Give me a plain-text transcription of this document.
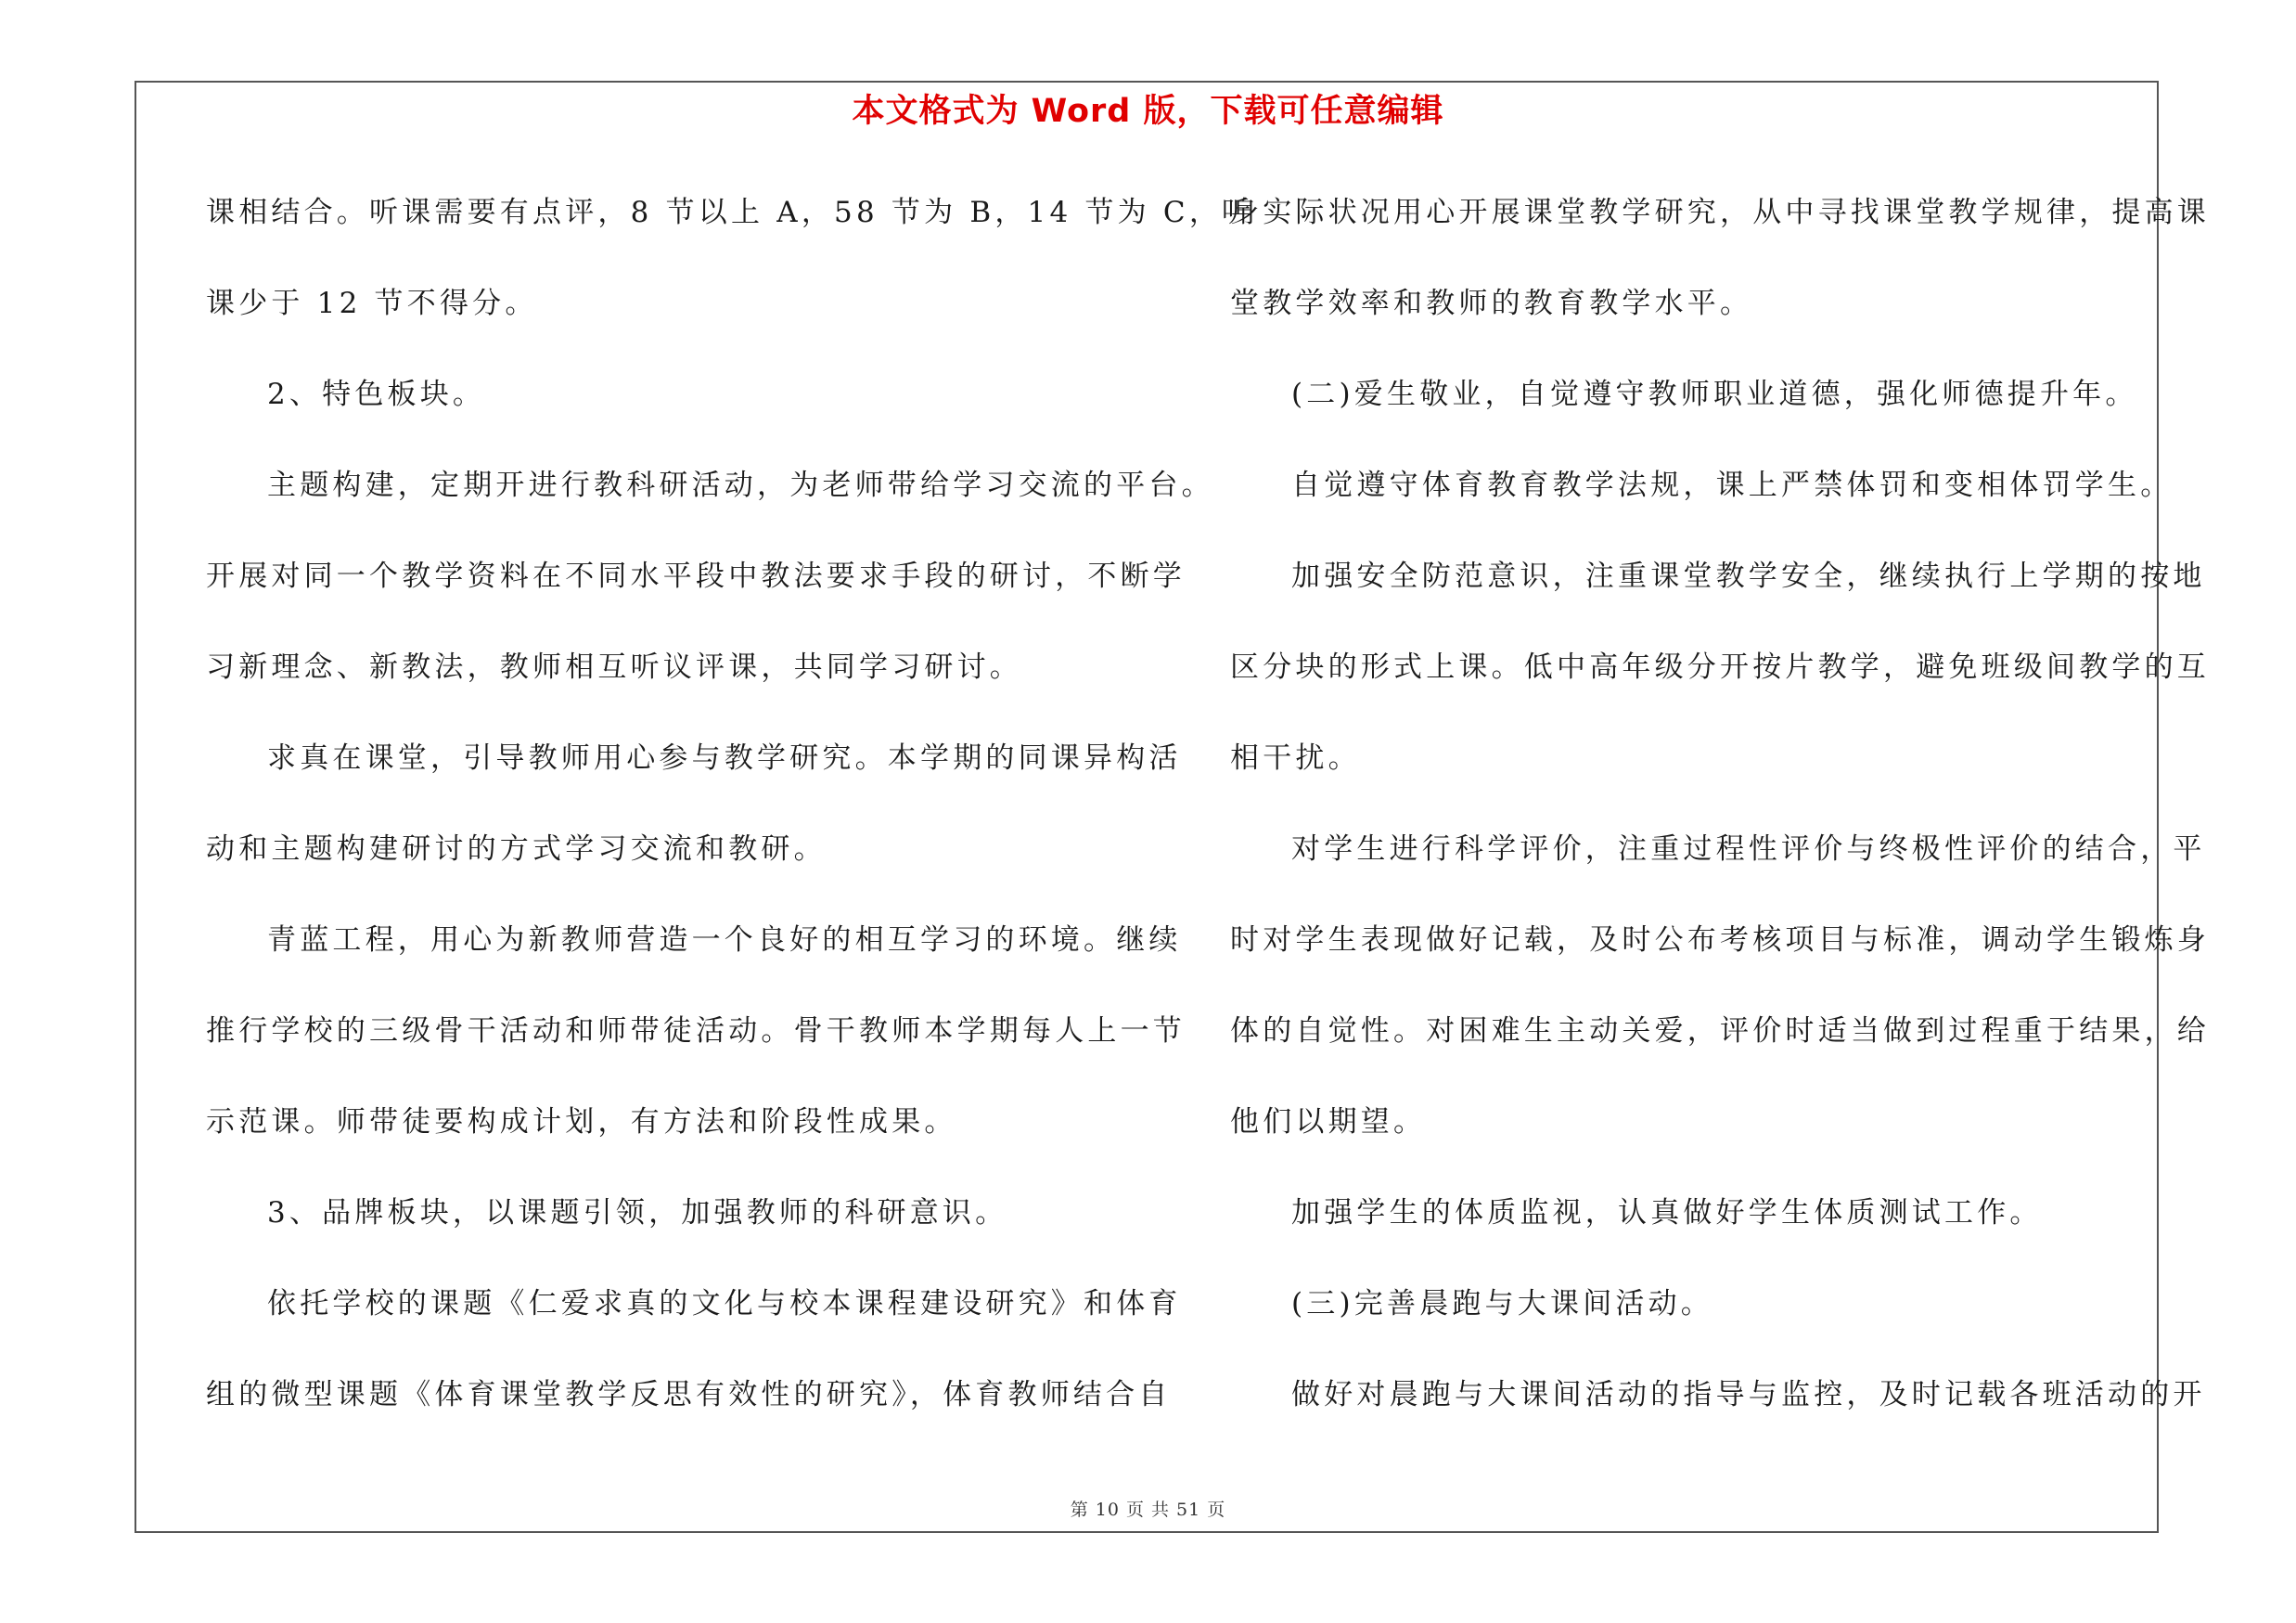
本文格式为 Word 版，下载可任意编辑
课相结合。听课需要有点评，8 节以上 A，58 节为 B，14 节为 C，听
课少于 12 节不得分。
2、特色板块。
主题构建，定期开进行教科研活动，为老师带给学习交流的平台。
开展对同一个教学资料在不同水平段中教法要求手段的研讨，不断学
习新理念、新教法，教师相互听议评课，共同学习研讨。
求真在课堂，引导教师用心参与教学研究。本学期的同课异构活
动和主题构建研讨的方式学习交流和教研。
青蓝工程，用心为新教师营造一个良好的相互学习的环境。继续
推行学校的三级骨干活动和师带徒活动。骨干教师本学期每人上一节
示范课。师带徒要构成计划，有方法和阶段性成果。
3、品牌板块，以课题引领，加强教师的科研意识。
依托学校的课题《仁爱求真的文化与校本课程建设研究》和体育
组的微型课题《体育课堂教学反思有效性的研究》，体育教师结合自
身实际状况用心开展课堂教学研究，从中寻找课堂教学规律，提高课
堂教学效率和教师的教育教学水平。
(二)爱生敬业，自觉遵守教师职业道德，强化师德提升年。
自觉遵守体育教育教学法规，课上严禁体罚和变相体罚学生。
加强安全防范意识，注重课堂教学安全，继续执行上学期的按地
区分块的形式上课。低中高年级分开按片教学，避免班级间教学的互
相干扰。
对学生进行科学评价，注重过程性评价与终极性评价的结合，平
时对学生表现做好记载，及时公布考核项目与标准，调动学生锻炼身
体的自觉性。对困难生主动关爱，评价时适当做到过程重于结果，给
他们以期望。
加强学生的体质监视，认真做好学生体质测试工作。
(三)完善晨跑与大课间活动。
做好对晨跑与大课间活动的指导与监控，及时记载各班活动的开
第 10 页 共 51 页
